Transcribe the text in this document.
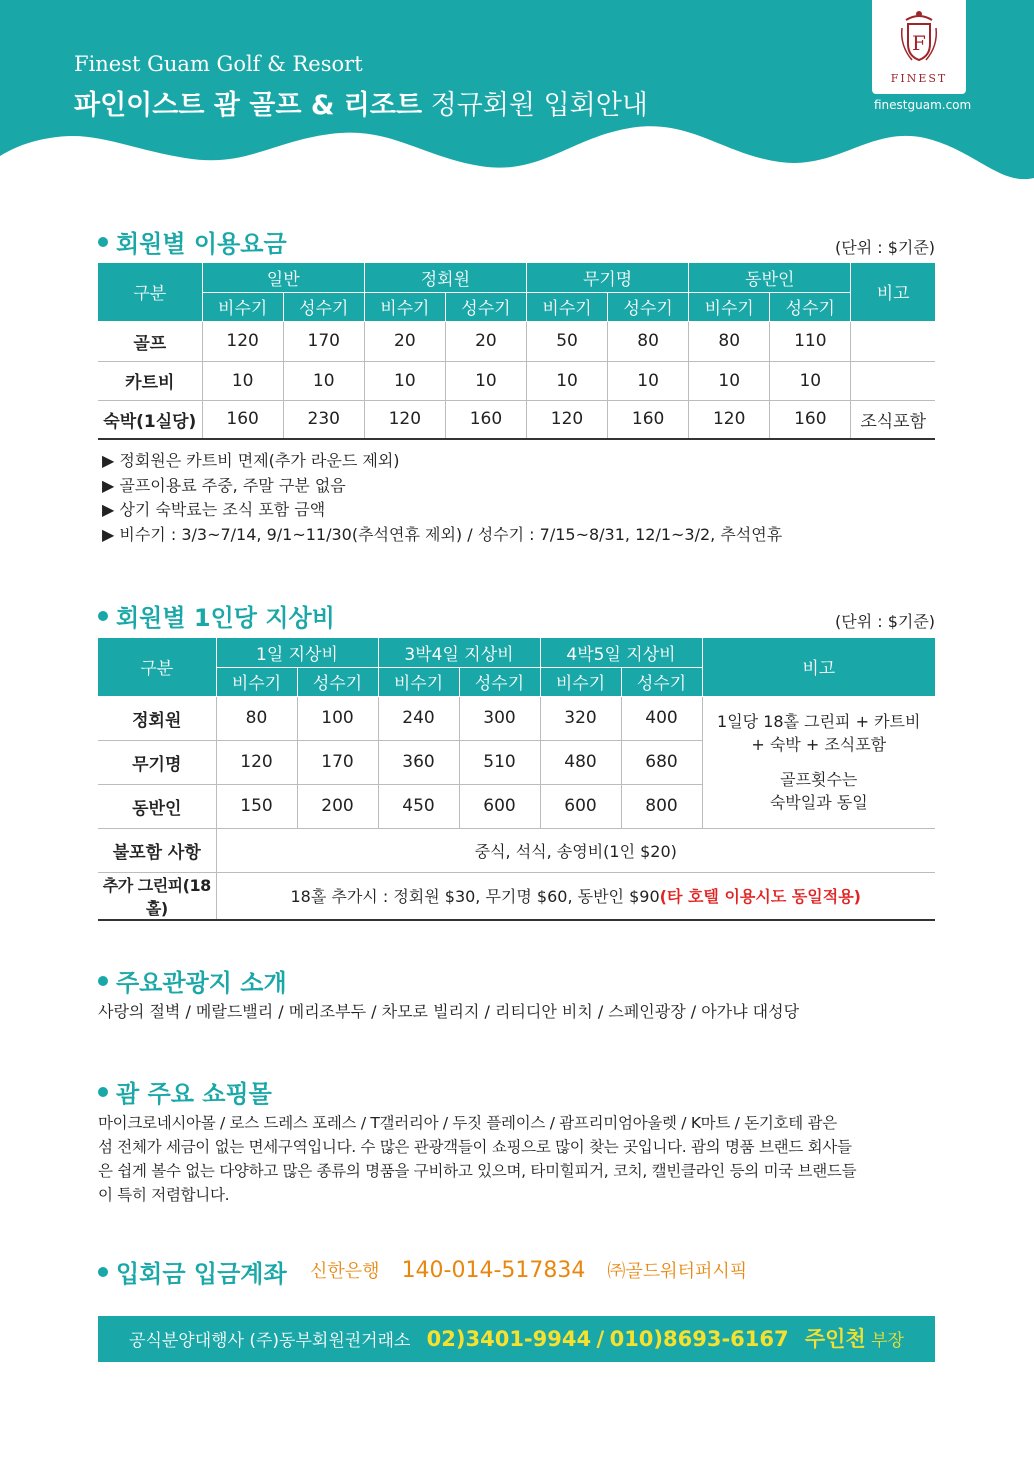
Finest Guam Golf & Resort
파인이스트 괌 골프 & 리조트 정규회원 입회안내
F
FINEST
finestguam.com
회원별 이용요금	(단위 : $기준)
구분	일반		정회원		무기명		동반인		비고
	비수기	성수기	비수기	성수기	비수기	성수기	비수기	성수기	
골프	120	170	20	20	50	80	80	110	
카트비	10	10	10	10	10	10	10	10	
숙박(1실당)	160	230	120	160	120	160	120	160	조식포함
▶ 정회원은 카트비 면제(추가 라운드 제외)
▶ 골프이용료 주중, 주말 구분 없음
▶ 상기 숙박료는 조식 포함 금액
▶ 비수기 : 3/3~7/14, 9/1~11/30(추석연휴 제외) / 성수기 : 7/15~8/31, 12/1~3/2, 추석연휴
회원별 1인당 지상비	(단위 : $기준)
구분	1일 지상비		3박4일 지상비		4박5일 지상비		비고
	비수기	성수기	비수기	성수기	비수기	성수기	
정회원	80	100	240	300	320	400	1일당 18홀 그린피 + 카트비
+ 숙박 + 조식포함
골프횟수는
숙박일과 동일

무기명	120	170	360	510	480	680	
동반인	150	200	450	600	600	800	
불포함 사항	중식, 석식, 송영비(1인 $20)						
추가 그린피(18홀)	18홀 추가시 : 정회원 $30, 무기명 $60, 동반인 $90(타 호텔 이용시도 동일적용)						
주요관광지 소개
사랑의 절벽 / 메랄드밸리 / 메리조부두 / 차모로 빌리지 / 리티디안 비치 / 스페인광장 / 아가냐 대성당
괌 주요 쇼핑몰
마이크로네시아몰 / 로스 드레스 포레스 / T갤러리아 / 두짓 플레이스 / 괌프리미엄아울렛 / K마트 / 돈기호테 괌은
섬 전체가 세금이 없는 면세구역입니다. 수 많은 관광객들이 쇼핑으로 많이 찾는 곳입니다. 괌의 명품 브랜드 회사들
은 쉽게 볼수 없는 다양하고 많은 종류의 명품을 구비하고 있으며, 타미힐피거, 코치, 캘빈클라인 등의 미국 브랜드들
이 특히 저렴합니다.
입회금 입금계좌 신한은행 140-014-517834 ㈜골드워터퍼시픽
공식분양대행사 (주)동부회원권거래소 02)3401-9944 / 010)8693-6167 주인천 부장
